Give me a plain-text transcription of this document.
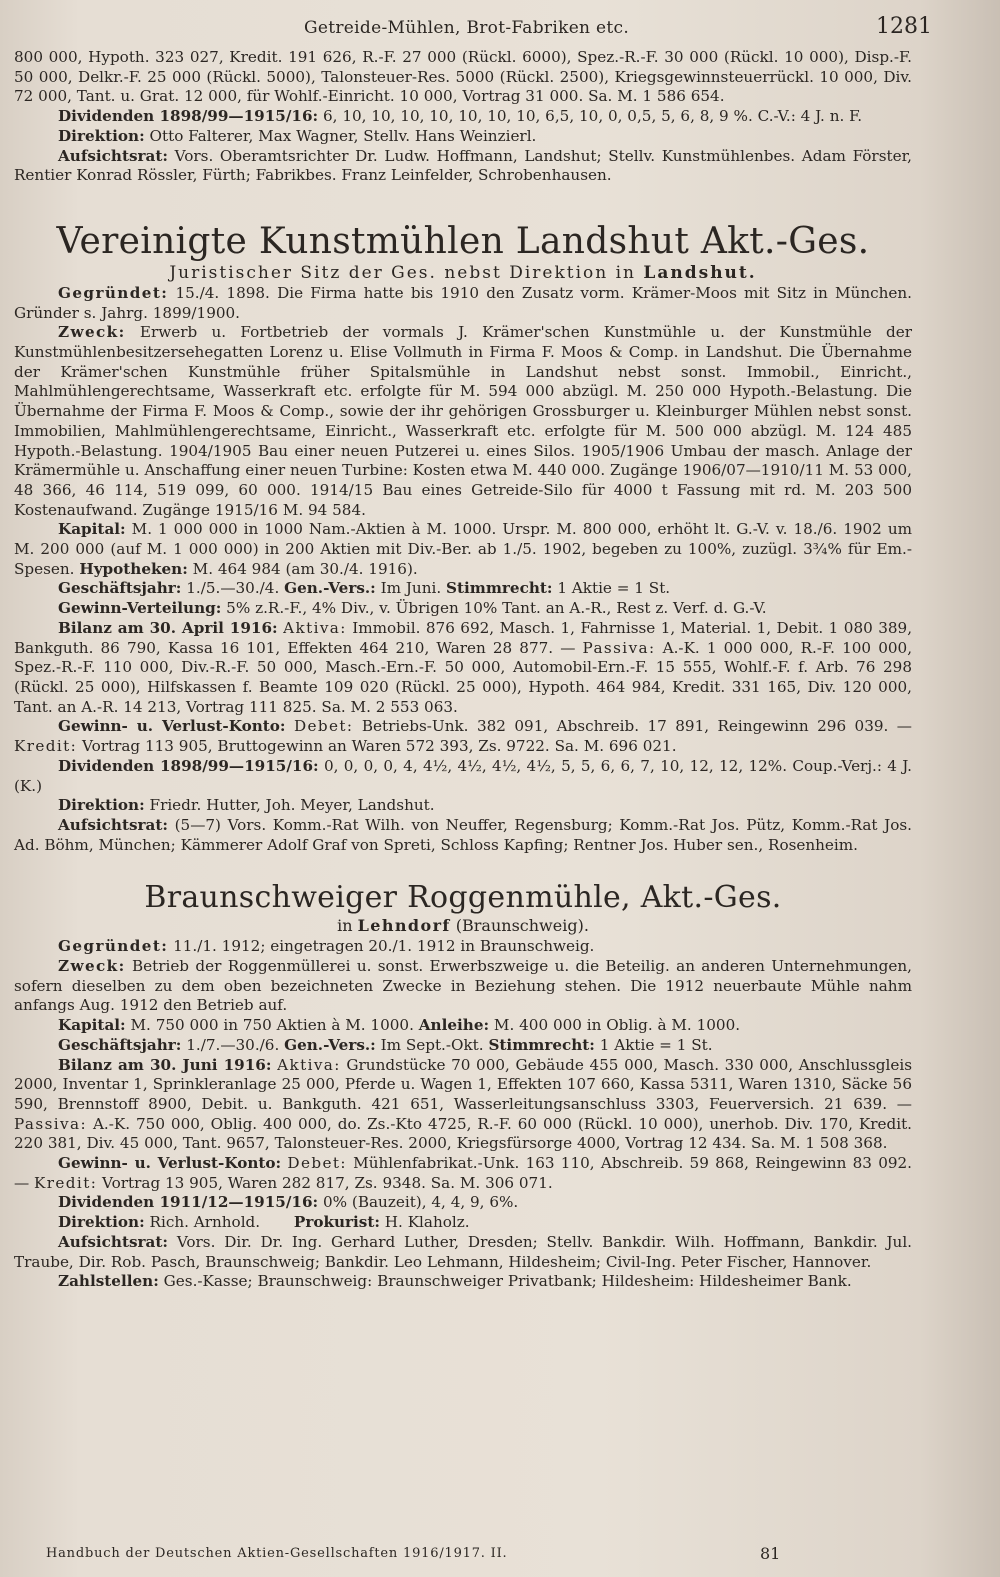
Getreide-Mühlen, Brot-Fabriken etc.	1281

800 000, Hypoth. 323 027, Kredit. 191 626, R.-F. 27 000 (Rückl. 6000), Spez.-R.-F. 30 000 (Rückl. 10 000), Disp.-F. 50 000, Delkr.-F. 25 000 (Rückl. 5000), Talonsteuer-Res. 5000 (Rückl. 2500), Kriegsgewinnsteuerrückl. 10 000, Div. 72 000, Tant. u. Grat. 12 000, für Wohlf.-Einricht. 10 000, Vortrag 31 000. Sa. M. 1 586 654.

Dividenden 1898/99—1915/16: 6, 10, 10, 10, 10, 10, 10, 10, 6,5, 10, 0, 0,5, 5, 6, 8, 9 %. C.-V.: 4 J. n. F.

Direktion: Otto Falterer, Max Wagner, Stellv. Hans Weinzierl.

Aufsichtsrat: Vors. Oberamtsrichter Dr. Ludw. Hoffmann, Landshut; Stellv. Kunstmühlenbes. Adam Förster, Rentier Konrad Rössler, Fürth; Fabrikbes. Franz Leinfelder, Schrobenhausen.

Vereinigte Kunstmühlen Landshut Akt.-Ges.
Juristischer Sitz der Ges. nebst Direktion in Landshut.

Gegründet: 15./4. 1898. Die Firma hatte bis 1910 den Zusatz vorm. Krämer-Moos mit Sitz in München. Gründer s. Jahrg. 1899/1900.

Zweck: Erwerb u. Fortbetrieb der vormals J. Krämer'schen Kunstmühle u. der Kunstmühle der Kunstmühlenbesitzersehegatten Lorenz u. Elise Vollmuth in Firma F. Moos & Comp. in Landshut. Die Übernahme der Krämer'schen Kunstmühle früher Spitalsmühle in Landshut nebst sonst. Immobil., Einricht., Mahlmühlengerechtsame, Wasserkraft etc. erfolgte für M. 594 000 abzügl. M. 250 000 Hypoth.-Belastung. Die Übernahme der Firma F. Moos & Comp., sowie der ihr gehörigen Grossburger u. Kleinburger Mühlen nebst sonst. Immobilien, Mahlmühlengerechtsame, Einricht., Wasserkraft etc. erfolgte für M. 500 000 abzügl. M. 124 485 Hypoth.-Belastung. 1904/1905 Bau einer neuen Putzerei u. eines Silos. 1905/1906 Umbau der masch. Anlage der Krämermühle u. Anschaffung einer neuen Turbine: Kosten etwa M. 440 000. Zugänge 1906/07—1910/11 M. 53 000, 48 366, 46 114, 519 099, 60 000. 1914/15 Bau eines Getreide-Silo für 4000 t Fassung mit rd. M. 203 500 Kostenaufwand. Zugänge 1915/16 M. 94 584.

Kapital: M. 1 000 000 in 1000 Nam.-Aktien à M. 1000. Urspr. M. 800 000, erhöht lt. G.-V. v. 18./6. 1902 um M. 200 000 (auf M. 1 000 000) in 200 Aktien mit Div.-Ber. ab 1./5. 1902, begeben zu 100%, zuzügl. 3¾% für Em.-Spesen. Hypotheken: M. 464 984 (am 30./4. 1916).

Geschäftsjahr: 1./5.—30./4. Gen.-Vers.: Im Juni. Stimmrecht: 1 Aktie = 1 St.

Gewinn-Verteilung: 5% z.R.-F., 4% Div., v. Übrigen 10% Tant. an A.-R., Rest z. Verf. d. G.-V.

Bilanz am 30. April 1916: Aktiva: Immobil. 876 692, Masch. 1, Fahrnisse 1, Material. 1, Debit. 1 080 389, Bankguth. 86 790, Kassa 16 101, Effekten 464 210, Waren 28 877. — Passiva: A.-K. 1 000 000, R.-F. 100 000, Spez.-R.-F. 110 000, Div.-R.-F. 50 000, Masch.-Ern.-F. 50 000, Automobil-Ern.-F. 15 555, Wohlf.-F. f. Arb. 76 298 (Rückl. 25 000), Hilfskassen f. Beamte 109 020 (Rückl. 25 000), Hypoth. 464 984, Kredit. 331 165, Div. 120 000, Tant. an A.-R. 14 213, Vortrag 111 825. Sa. M. 2 553 063.

Gewinn- u. Verlust-Konto: Debet: Betriebs-Unk. 382 091, Abschreib. 17 891, Reingewinn 296 039. — Kredit: Vortrag 113 905, Bruttogewinn an Waren 572 393, Zs. 9722. Sa. M. 696 021.

Dividenden 1898/99—1915/16: 0, 0, 0, 0, 4, 4½, 4½, 4½, 4½, 5, 5, 6, 6, 7, 10, 12, 12, 12%. Coup.-Verj.: 4 J. (K.)

Direktion: Friedr. Hutter, Joh. Meyer, Landshut.

Aufsichtsrat: (5—7) Vors. Komm.-Rat Wilh. von Neuffer, Regensburg; Komm.-Rat Jos. Pütz, Komm.-Rat Jos. Ad. Böhm, München; Kämmerer Adolf Graf von Spreti, Schloss Kapfing; Rentner Jos. Huber sen., Rosenheim.

Braunschweiger Roggenmühle, Akt.-Ges.
in Lehndorf (Braunschweig).

Gegründet: 11./1. 1912; eingetragen 20./1. 1912 in Braunschweig.

Zweck: Betrieb der Roggenmüllerei u. sonst. Erwerbszweige u. die Beteilig. an anderen Unternehmungen, sofern dieselben zu dem oben bezeichneten Zwecke in Beziehung stehen. Die 1912 neuerbaute Mühle nahm anfangs Aug. 1912 den Betrieb auf.

Kapital: M. 750 000 in 750 Aktien à M. 1000. Anleihe: M. 400 000 in Oblig. à M. 1000.

Geschäftsjahr: 1./7.—30./6. Gen.-Vers.: Im Sept.-Okt. Stimmrecht: 1 Aktie = 1 St.

Bilanz am 30. Juni 1916: Aktiva: Grundstücke 70 000, Gebäude 455 000, Masch. 330 000, Anschlussgleis 2000, Inventar 1, Sprinkleranlage 25 000, Pferde u. Wagen 1, Effekten 107 660, Kassa 5311, Waren 1310, Säcke 56 590, Brennstoff 8900, Debit. u. Bankguth. 421 651, Wasserleitungsanschluss 3303, Feuerversich. 21 639. — Passiva: A.-K. 750 000, Oblig. 400 000, do. Zs.-Kto 4725, R.-F. 60 000 (Rückl. 10 000), unerhob. Div. 170, Kredit. 220 381, Div. 45 000, Tant. 9657, Talonsteuer-Res. 2000, Kriegsfürsorge 4000, Vortrag 12 434. Sa. M. 1 508 368.

Gewinn- u. Verlust-Konto: Debet: Mühlenfabrikat.-Unk. 163 110, Abschreib. 59 868, Reingewinn 83 092. — Kredit: Vortrag 13 905, Waren 282 817, Zs. 9348. Sa. M. 306 071.

Dividenden 1911/12—1915/16: 0% (Bauzeit), 4, 4, 9, 6%.

Direktion: Rich. Arnhold. Prokurist: H. Klaholz.

Aufsichtsrat: Vors. Dir. Dr. Ing. Gerhard Luther, Dresden; Stellv. Bankdir. Wilh. Hoffmann, Bankdir. Jul. Traube, Dir. Rob. Pasch, Braunschweig; Bankdir. Leo Lehmann, Hildesheim; Civil-Ing. Peter Fischer, Hannover.

Zahlstellen: Ges.-Kasse; Braunschweig: Braunschweiger Privatbank; Hildesheim: Hildesheimer Bank.

Handbuch der Deutschen Aktien-Gesellschaften 1916/1917. II.	81
